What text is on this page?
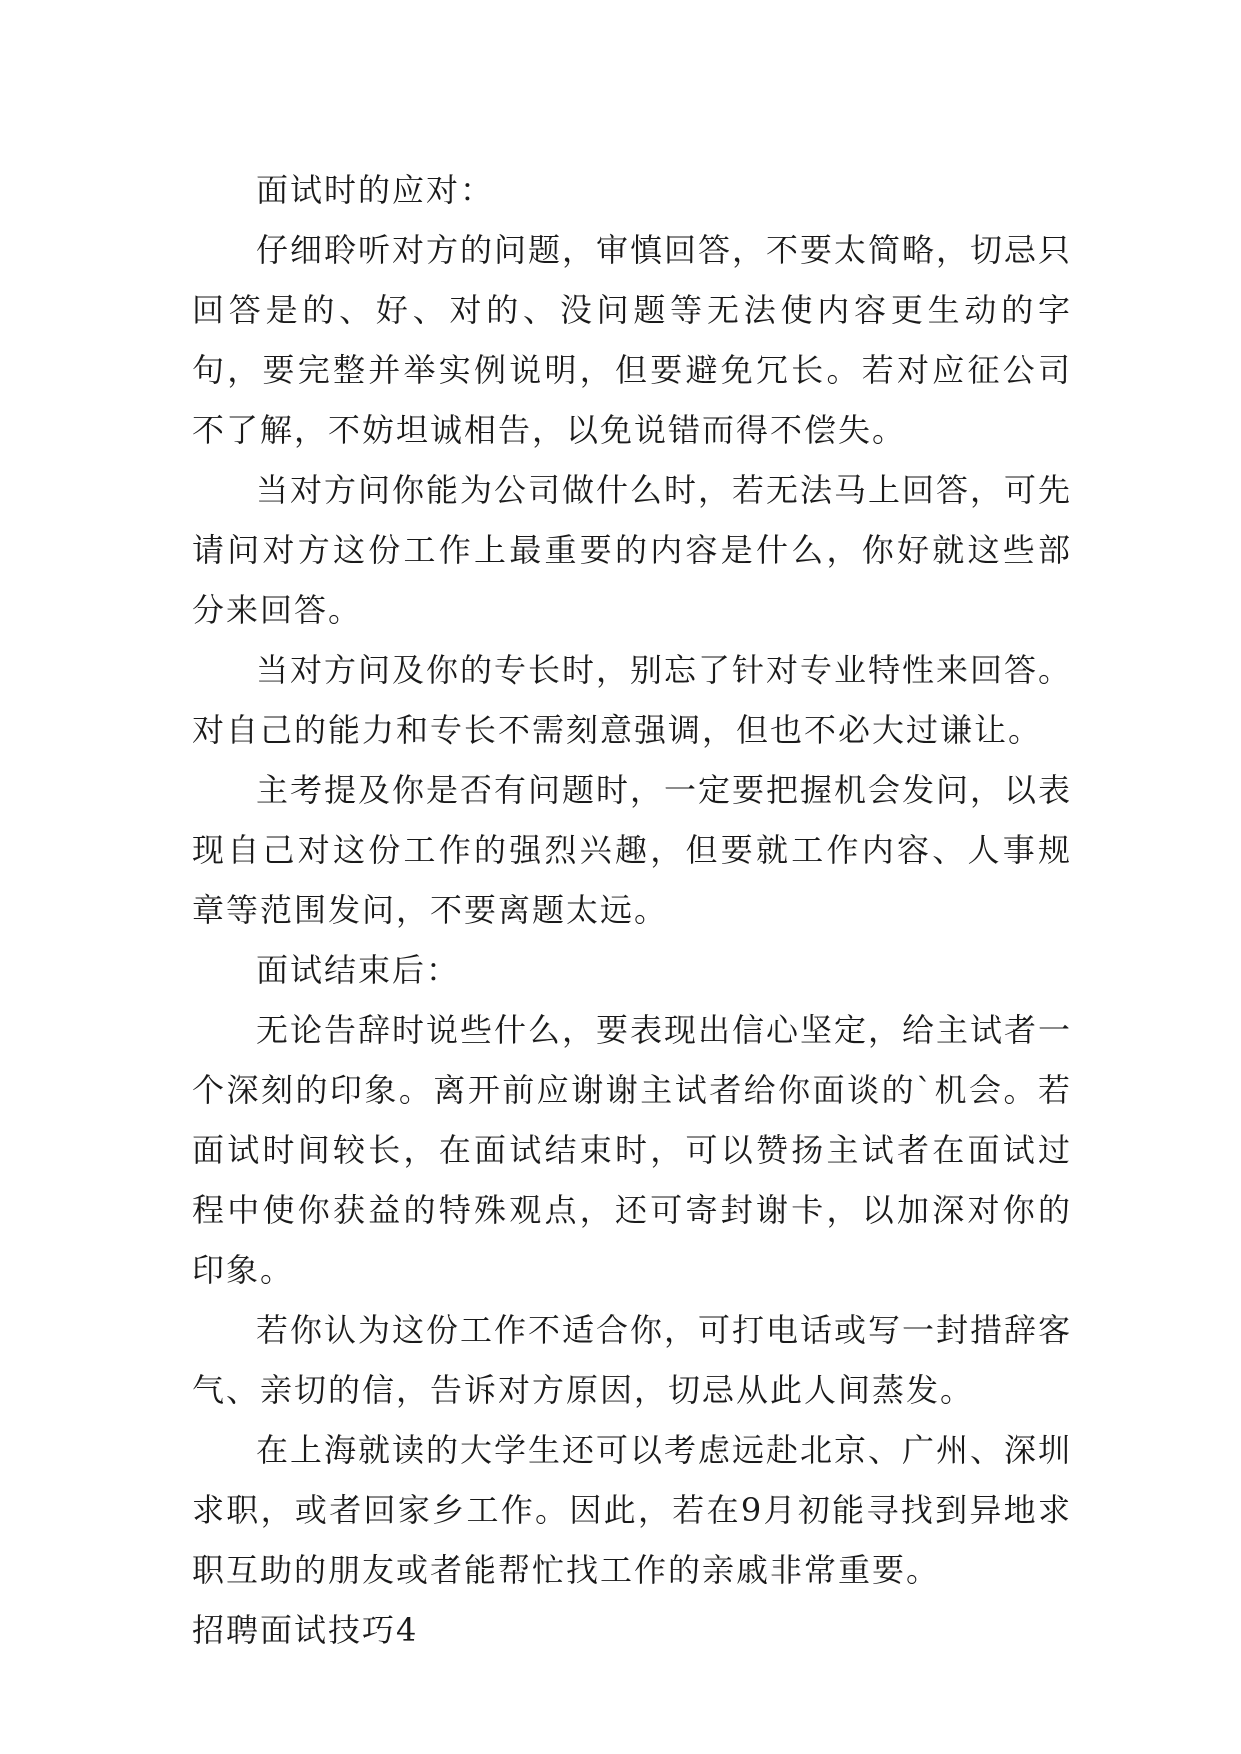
面试时的应对：

仔细聆听对方的问题，审慎回答，不要太简略，切忌只回答是的、好、对的、没问题等无法使内容更生动的字句，要完整并举实例说明，但要避免冗长。若对应征公司不了解，不妨坦诚相告，以免说错而得不偿失。

当对方问你能为公司做什么时，若无法马上回答，可先请问对方这份工作上最重要的内容是什么，你好就这些部分来回答。

当对方问及你的专长时，别忘了针对专业特性来回答。对自己的能力和专长不需刻意强调，但也不必大过谦让。

主考提及你是否有问题时，一定要把握机会发问，以表现自己对这份工作的强烈兴趣，但要就工作内容、人事规章等范围发问，不要离题太远。

面试结束后：

无论告辞时说些什么，要表现出信心坚定，给主试者一个深刻的印象。离开前应谢谢主试者给你面谈的`机会。若面试时间较长，在面试结束时，可以赞扬主试者在面试过程中使你获益的特殊观点，还可寄封谢卡，以加深对你的印象。

若你认为这份工作不适合你，可打电话或写一封措辞客气、亲切的信，告诉对方原因，切忌从此人间蒸发。

在上海就读的大学生还可以考虑远赴北京、广州、深圳求职，或者回家乡工作。因此，若在9月初能寻找到异地求职互助的朋友或者能帮忙找工作的亲戚非常重要。

招聘面试技巧4
